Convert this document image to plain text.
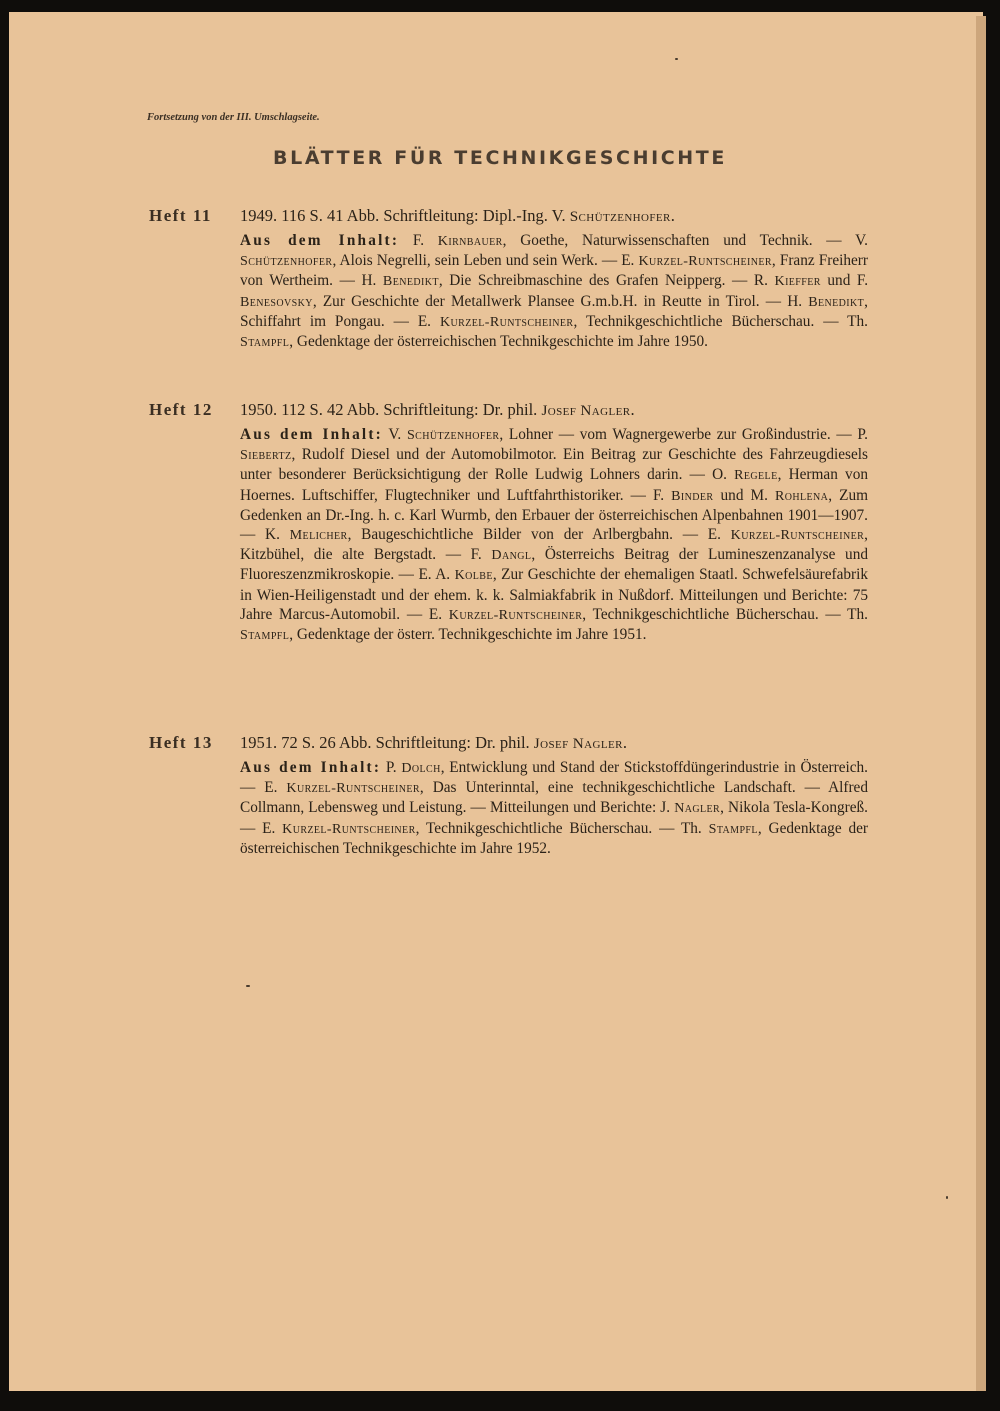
Fortsetzung von der III. Umschlagseite.
BLÄTTER FÜR TECHNIKGESCHICHTE
Heft 11 1949. 116 S. 41 Abb. Schriftleitung: Dipl.-Ing. V. Schützenhofer.
Aus dem Inhalt: F. Kirnbauer, Goethe, Naturwissenschaften und Technik. — V. Schützenhofer, Alois Negrelli, sein Leben und sein Werk. — E. Kurzel-Runtscheiner, Franz Freiherr von Wertheim. — H. Benedikt, Die Schreibmaschine des Grafen Neipperg. — R. Kieffer und F. Benesovsky, Zur Geschichte der Metallwerk Plansee G.m.b.H. in Reutte in Tirol. — H. Benedikt, Schiffahrt im Pongau. — E. Kurzel-Runtscheiner, Technikgeschichtliche Bücherschau. — Th. Stampfl, Gedenktage der österreichischen Technikgeschichte im Jahre 1950.
Heft 12 1950. 112 S. 42 Abb. Schriftleitung: Dr. phil. Josef Nagler.
Aus dem Inhalt: V. Schützenhofer, Lohner — vom Wagnergewerbe zur Großindustrie. — P. Siebertz, Rudolf Diesel und der Automobilmotor. Ein Beitrag zur Geschichte des Fahrzeugdiesels unter besonderer Berücksichtigung der Rolle Ludwig Lohners darin. — O. Regele, Herman von Hoernes. Luftschiffer, Flugtechniker und Luftfahrthistoriker. — F. Binder und M. Rohlena, Zum Gedenken an Dr.-Ing. h. c. Karl Wurmb, den Erbauer der österreichischen Alpenbahnen 1901—1907. — K. Melicher, Baugeschichtliche Bilder von der Arlbergbahn. — E. Kurzel-Runtscheiner, Kitzbühel, die alte Bergstadt. — F. Dangl, Österreichs Beitrag der Lumineszenzanalyse und Fluoreszenzmikroskopie. — E. A. Kolbe, Zur Geschichte der ehemaligen Staatl. Schwefelsäurefabrik in Wien-Heiligenstadt und der ehem. k. k. Salmiakfabrik in Nußdorf. Mitteilungen und Berichte: 75 Jahre Marcus-Automobil. — E. Kurzel-Runtscheiner, Technikgeschichtliche Bücherschau. — Th. Stampfl, Gedenktage der österr. Technikgeschichte im Jahre 1951.
Heft 13 1951. 72 S. 26 Abb. Schriftleitung: Dr. phil. Josef Nagler.
Aus dem Inhalt: P. Dolch, Entwicklung und Stand der Stickstoffdüngerindustrie in Österreich. — E. Kurzel-Runtscheiner, Das Unterinntal, eine technikgeschichtliche Landschaft. — Alfred Collmann, Lebensweg und Leistung. — Mitteilungen und Berichte: J. Nagler, Nikola Tesla-Kongreß. — E. Kurzel-Runtscheiner, Technikgeschichtliche Bücherschau. — Th. Stampfl, Gedenktage der österreichischen Technikgeschichte im Jahre 1952.
